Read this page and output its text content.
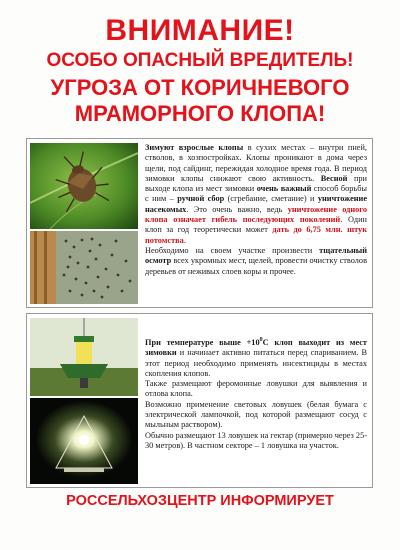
ВНИМАНИЕ!
ОСОБО ОПАСНЫЙ ВРЕДИТЕЛЬ!
УГРОЗА ОТ КОРИЧНЕВОГО
МРАМОРНОГО КЛОПА!
Зимуют взрослые клопы в сухих местах – внутри пней, стволов, в хозпостройках. Клопы проникают в дома через щели, под сайдинг, пережидая холодное время года. В период зимовки клопы снижают свою активность. Весной при выходе клопа из мест зимовки очень важный способ борьбы с ним – ручной сбор (сгребание, сметание) и уничтожение насекомых. Это очень важно, ведь уничтожение одного клопа означает гибель последующих поколений. Один клоп за год теоретически может дать до 6,75 млн. штук потомства.
Необходимо на своем участке произвести тщательный осмотр всех укромных мест, щелей, провести очистку стволов деревьев от неживых слоев коры и прочее.
При температуре выше $+10^0С$ клоп выходит из мест зимовки и начинает активно питаться перед спариванием. В этот период необходимо применять инсектициды в местах скопления клопов.
Также размещают феромонные ловушки для выявления и отлова клопа.
Возможно применение световых ловушек (белая бумага с электрической лампочкой, под которой размещают сосуд с мыльным раствором).
Обычно размещают 13 ловушек на гектар (примерно через 25-30 метров). В частном секторе – 1 ловушка на участок.
РОССЕЛЬХОЗЦЕНТР ИНФОРМИРУЕТ
